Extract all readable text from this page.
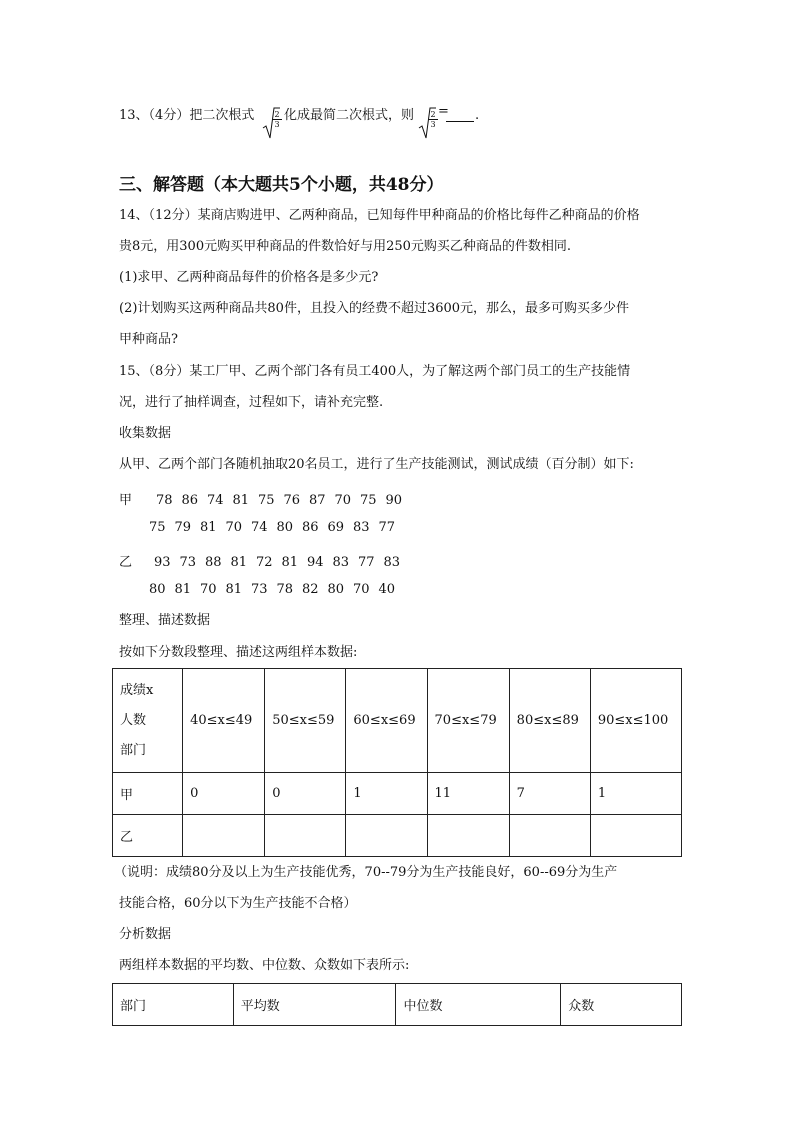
13、（4分）把二次根式 $\frac{2}{3}$ 化成最简二次根式，则 $\frac{2}{3}$ = .
三、解答题（本大题共5个小题，共48分）
14、（12分）某商店购进甲、乙两种商品，已知每件甲种商品的价格比每件乙种商品的价格
贵8元，用300元购买甲种商品的件数恰好与用250元购买乙种商品的件数相同.
(1)求甲、乙两种商品每件的价格各是多少元?
(2)计划购买这两种商品共80件，且投入的经费不超过3600元，那么，最多可购买多少件
甲种商品?
15、（8分）某工厂甲、乙两个部门各有员工400人，为了解这两个部门员工的生产技能情
况，进行了抽样调查，过程如下，请补充完整.
收集数据
从甲、乙两个部门各随机抽取20名员工，进行了生产技能测试，测试成绩（百分制）如下:
甲 78 86 74 81 75 76 87 70 75 90
75 79 81 70 74 80 86 69 83 77
乙 93 73 88 81 72 81 94 83 77 83
80 81 70 81 73 78 82 80 70 40
整理、描述数据
按如下分数段整理、描述这两组样本数据:
成绩x
人数
部门	40≤x≤49	50≤x≤59	60≤x≤69	70≤x≤79	80≤x≤89	90≤x≤100
甲	0	0	1	11	7	1
乙						
（说明：成绩80分及以上为生产技能优秀，70--79分为生产技能良好，60--69分为生产
技能合格，60分以下为生产技能不合格）
分析数据
两组样本数据的平均数、中位数、众数如下表所示:
部门	平均数	中位数	众数
